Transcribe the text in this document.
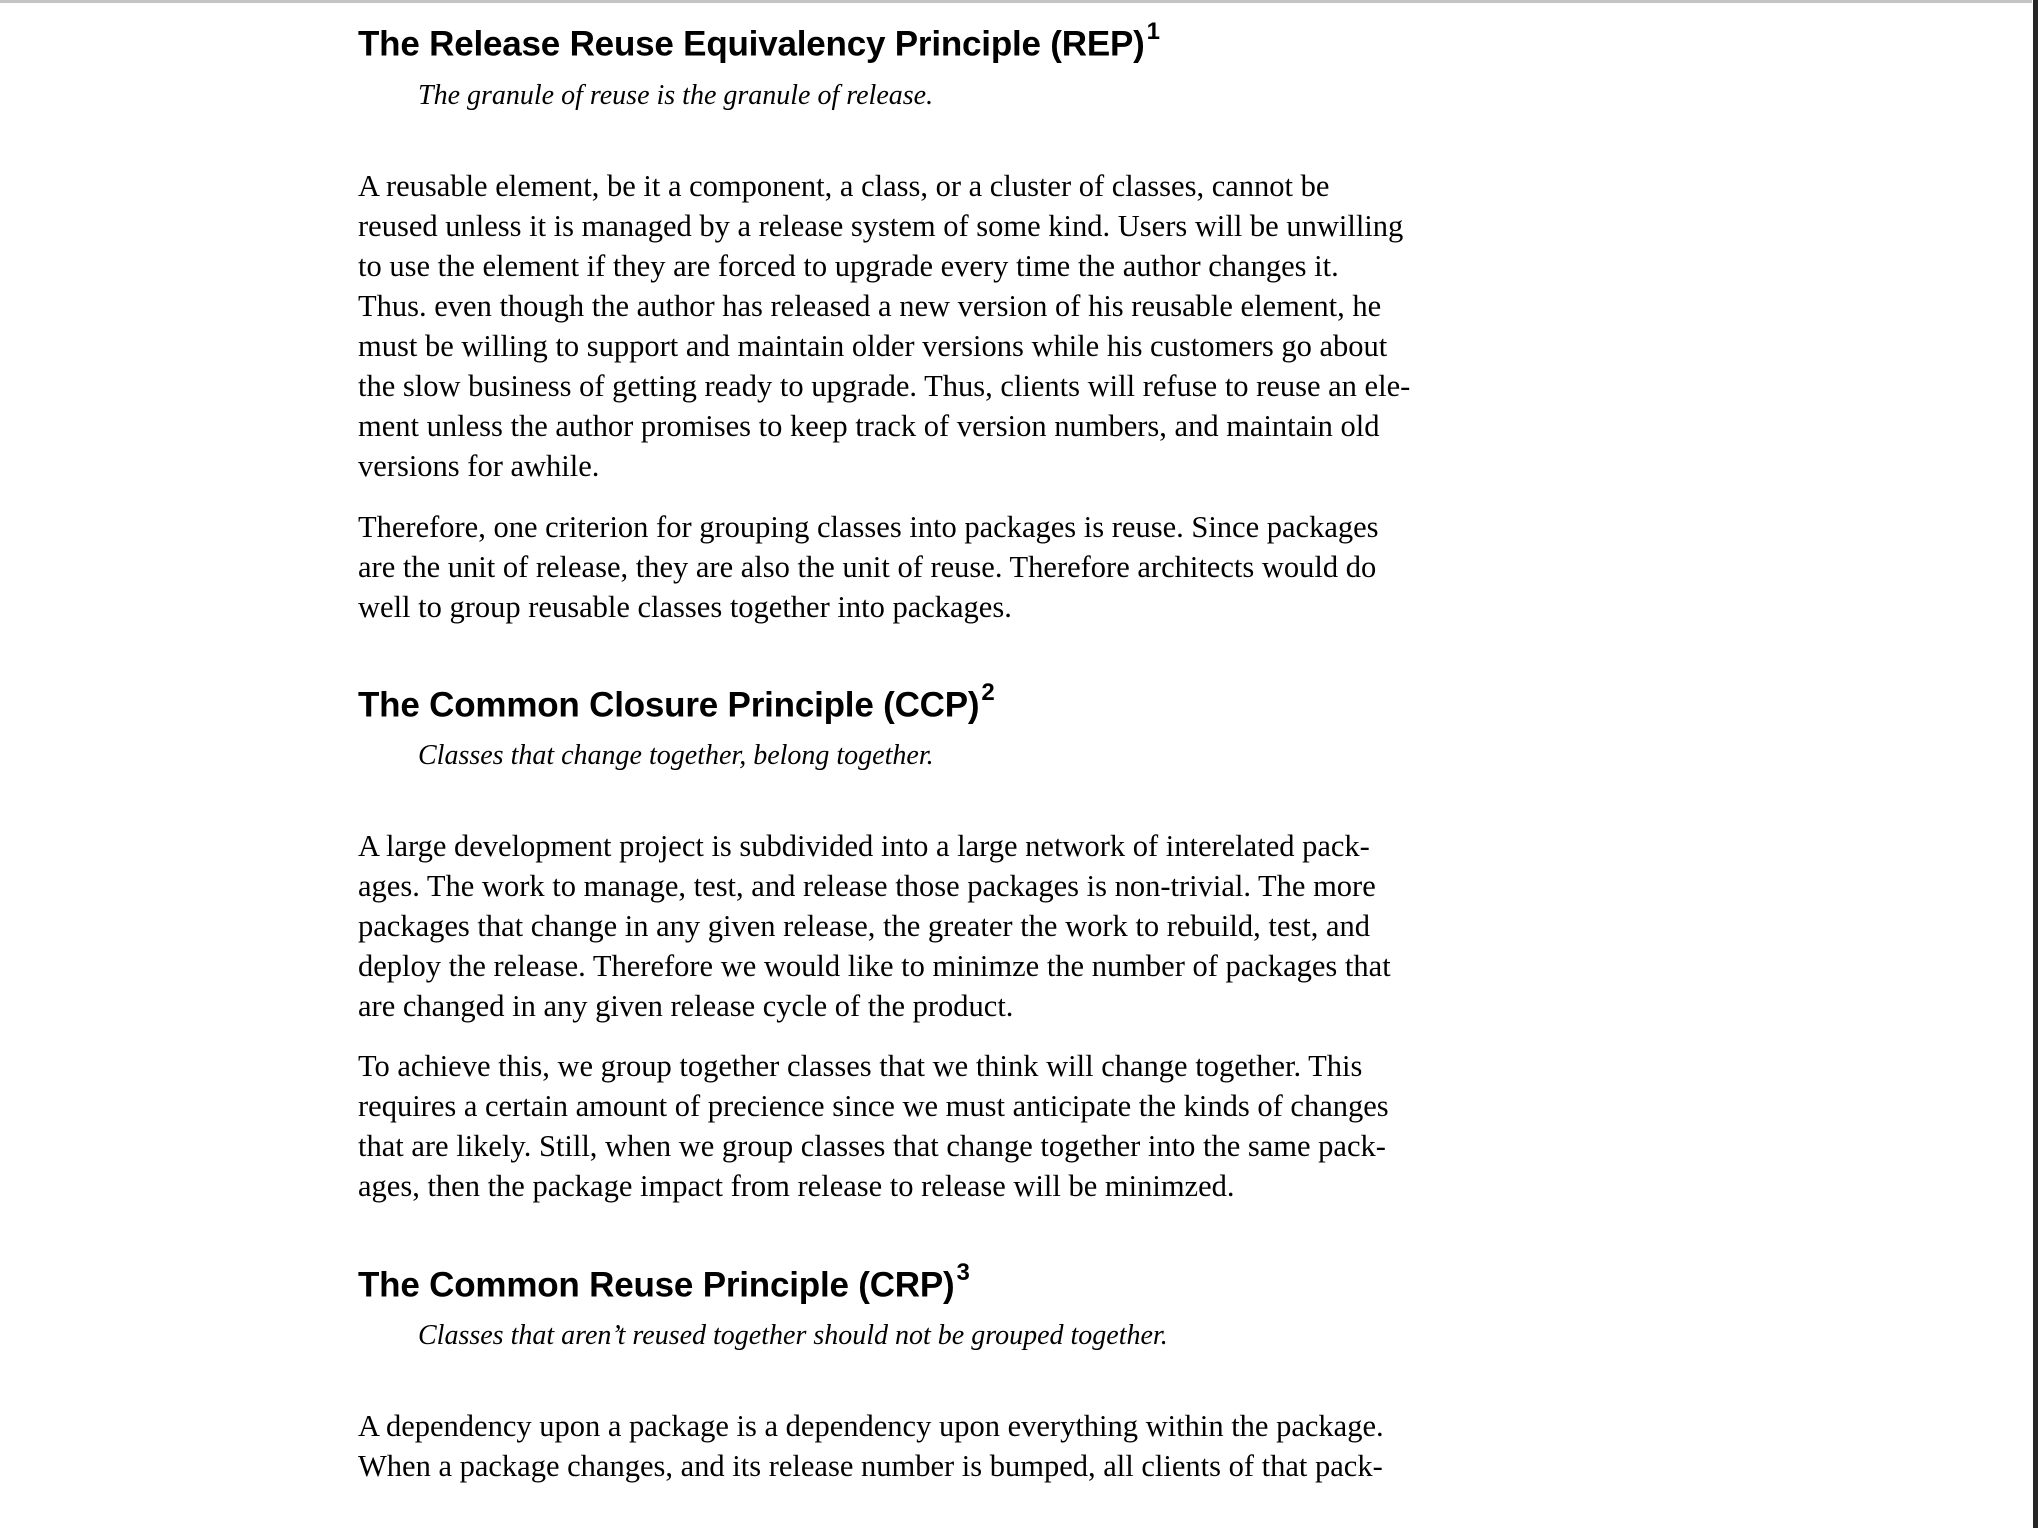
The Release Reuse Equivalency Principle (REP)$^1$

The granule of reuse is the granule of release.

A reusable element, be it a component, a class, or a cluster of classes, cannot be
reused unless it is managed by a release system of some kind. Users will be unwilling
to use the element if they are forced to upgrade every time the author changes it.
Thus. even though the author has released a new version of his reusable element, he
must be willing to support and maintain older versions while his customers go about
the slow business of getting ready to upgrade. Thus, clients will refuse to reuse an ele-
ment unless the author promises to keep track of version numbers, and maintain old
versions for awhile.
Therefore, one criterion for grouping classes into packages is reuse. Since packages
are the unit of release, they are also the unit of reuse. Therefore architects would do
well to group reusable classes together into packages.
The Common Closure Principle (CCP)$^2$

Classes that change together, belong together.

A large development project is subdivided into a large network of interelated pack-
ages. The work to manage, test, and release those packages is non-trivial. The more
packages that change in any given release, the greater the work to rebuild, test, and
deploy the release. Therefore we would like to minimze the number of packages that
are changed in any given release cycle of the product.
To achieve this, we group together classes that we think will change together. This
requires a certain amount of precience since we must anticipate the kinds of changes
that are likely. Still, when we group classes that change together into the same pack-
ages, then the package impact from release to release will be minimzed.
The Common Reuse Principle (CRP)$^3$

Classes that aren’t reused together should not be grouped together.

A dependency upon a package is a dependency upon everything within the package.
When a package changes, and its release number is bumped, all clients of that pack-
